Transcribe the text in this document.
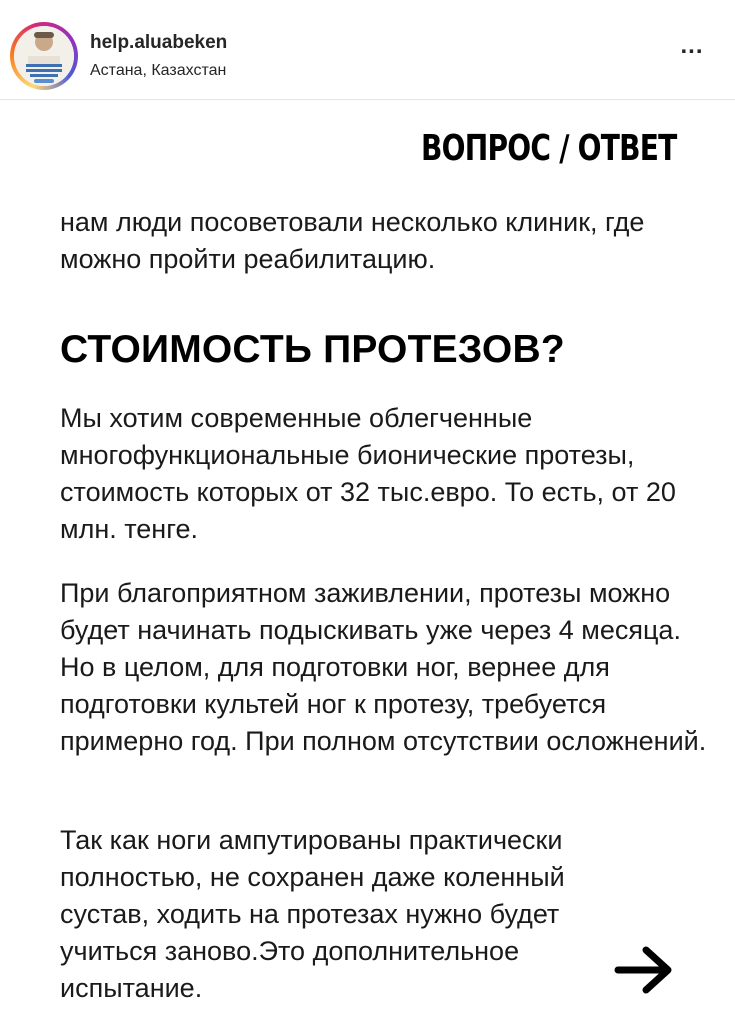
help.aluabeken
Астана, Казахстан
...
ВОПРОС / ОТВЕТ

нам люди посоветовали несколько клиник, где можно пройти реабилитацию.

СТОИМОСТЬ ПРОТЕЗОВ?

Мы хотим современные облегченные многофункциональные бионические протезы, стоимость которых от 32 тыс.евро. То есть, от 20 млн. тенге.

При благоприятном заживлении, протезы можно будет начинать подыскивать уже через 4 месяца. Но в целом, для подготовки ног, вернее для подготовки культей ног к протезу, требуется примерно год. При полном отсутствии осложнений.

Так как ноги ампутированы практически полностью, не сохранен даже коленный сустав, ходить на протезах нужно будет учиться заново.Это дополнительное испытание.
